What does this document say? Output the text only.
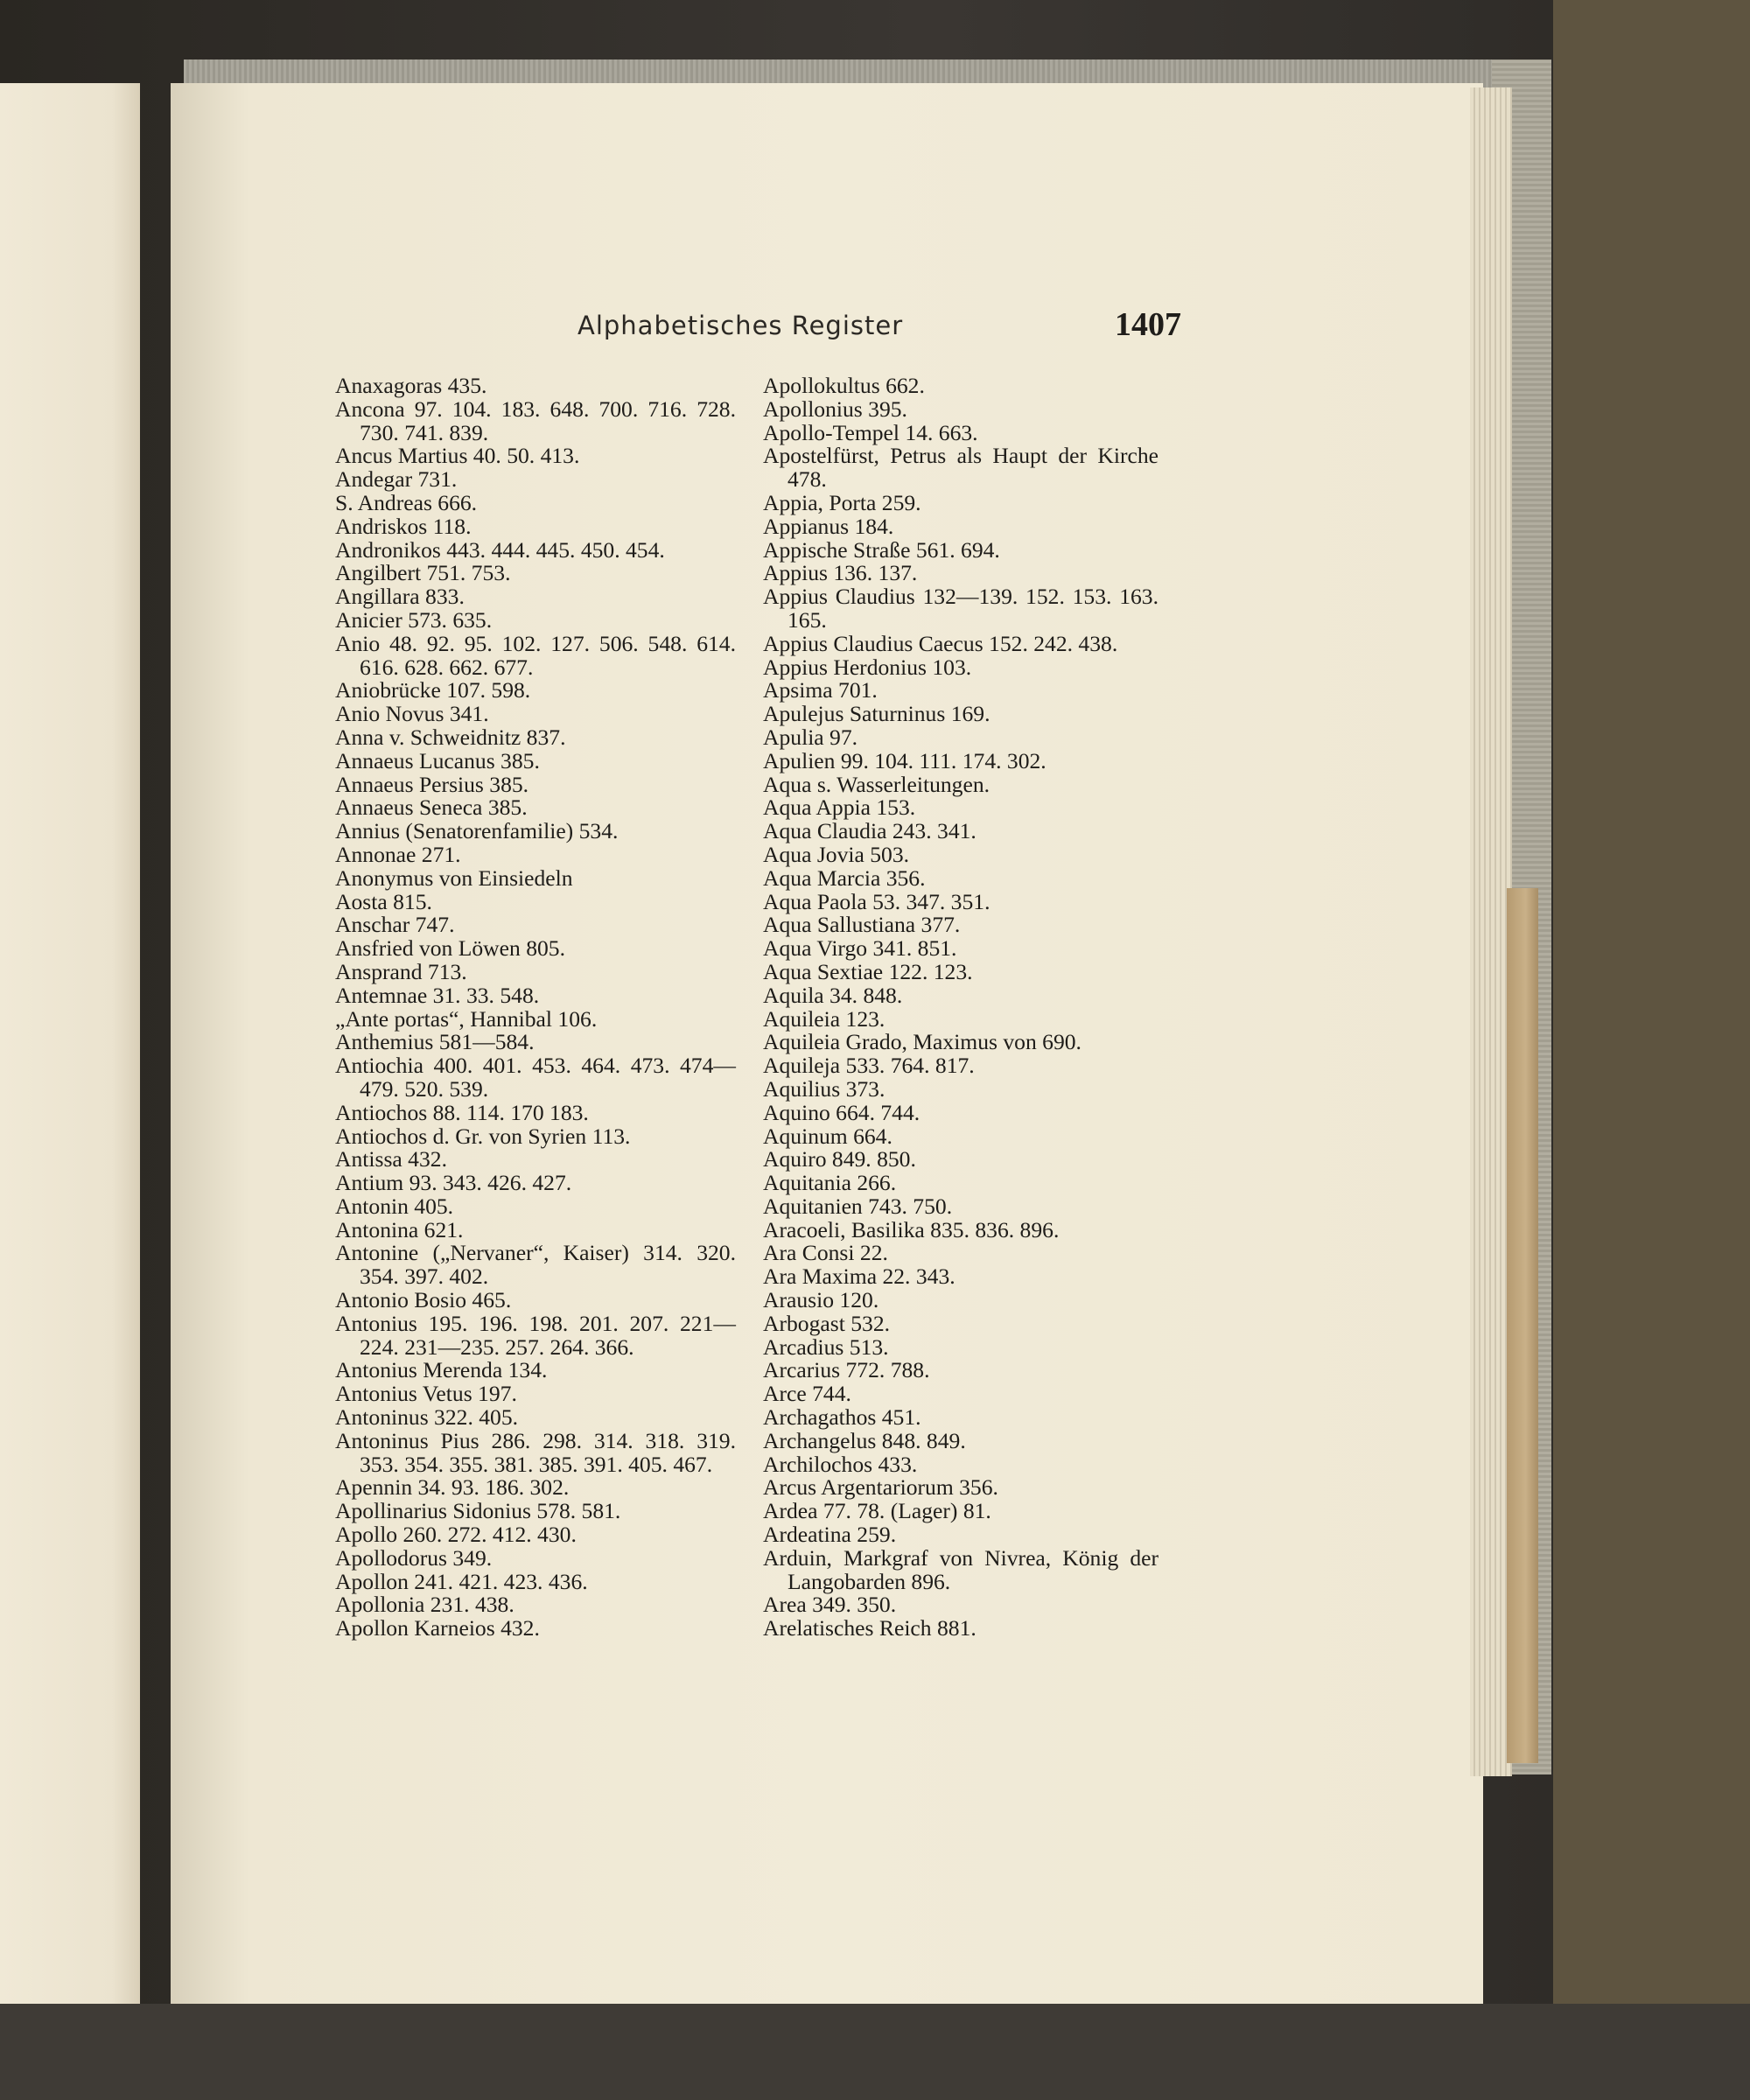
Alphabetisches Register	1407

Anaxagoras 435.

Ancona 97. 104. 183. 648. 700. 716. 728. 730. 741. 839.

Ancus Martius 40. 50. 413.

Andegar 731.

S. Andreas 666.

Andriskos 118.

Andronikos 443. 444. 445. 450. 454.

Angilbert 751. 753.

Angillara 833.

Anicier 573. 635.

Anio 48. 92. 95. 102. 127. 506. 548. 614. 616. 628. 662. 677.

Aniobrücke 107. 598.

Anio Novus 341.

Anna v. Schweidnitz 837.

Annaeus Lucanus 385.

Annaeus Persius 385.

Annaeus Seneca 385.

Annius (Senatorenfamilie) 534.

Annonae 271.

Anonymus von Einsiedeln

Aosta 815.

Anschar 747.

Ansfried von Löwen 805.

Ansprand 713.

Antemnae 31. 33. 548.

„Ante portas“, Hannibal 106.

Anthemius 581—584.

Antiochia 400. 401. 453. 464. 473. 474—479. 520. 539.

Antiochos 88. 114. 170 183.

Antiochos d. Gr. von Syrien 113.

Antissa 432.

Antium 93. 343. 426. 427.

Antonin 405.

Antonina 621.

Antonine („Nervaner“, Kaiser) 314. 320. 354. 397. 402.

Antonio Bosio 465.

Antonius 195. 196. 198. 201. 207. 221—224. 231—235. 257. 264. 366.

Antonius Merenda 134.

Antonius Vetus 197.

Antoninus 322. 405.

Antoninus Pius 286. 298. 314. 318. 319. 353. 354. 355. 381. 385. 391. 405. 467.

Apennin 34. 93. 186. 302.

Apollinarius Sidonius 578. 581.

Apollo 260. 272. 412. 430.

Apollodorus 349.

Apollon 241. 421. 423. 436.

Apollonia 231. 438.

Apollon Karneios 432.

Apollokultus 662.

Apollonius 395.

Apollo-Tempel 14. 663.

Apostelfürst, Petrus als Haupt der Kirche 478.

Appia, Porta 259.

Appianus 184.

Appische Straße 561. 694.

Appius 136. 137.

Appius Claudius 132—139. 152. 153. 163. 165.

Appius Claudius Caecus 152. 242. 438.

Appius Herdonius 103.

Apsima 701.

Apulejus Saturninus 169.

Apulia 97.

Apulien 99. 104. 111. 174. 302.

Aqua s. Wasserleitungen.

Aqua Appia 153.

Aqua Claudia 243. 341.

Aqua Jovia 503.

Aqua Marcia 356.

Aqua Paola 53. 347. 351.

Aqua Sallustiana 377.

Aqua Virgo 341. 851.

Aqua Sextiae 122. 123.

Aquila 34. 848.

Aquileia 123.

Aquileia Grado, Maximus von 690.

Aquileja 533. 764. 817.

Aquilius 373.

Aquino 664. 744.

Aquinum 664.

Aquiro 849. 850.

Aquitania 266.

Aquitanien 743. 750.

Aracoeli, Basilika 835. 836. 896.

Ara Consi 22.

Ara Maxima 22. 343.

Arausio 120.

Arbogast 532.

Arcadius 513.

Arcarius 772. 788.

Arce 744.

Archagathos 451.

Archangelus 848. 849.

Archilochos 433.

Arcus Argentariorum 356.

Ardea 77. 78. (Lager) 81.

Ardeatina 259.

Arduin, Markgraf von Nivrea, König der Langobarden 896.

Area 349. 350.

Arelatisches Reich 881.
